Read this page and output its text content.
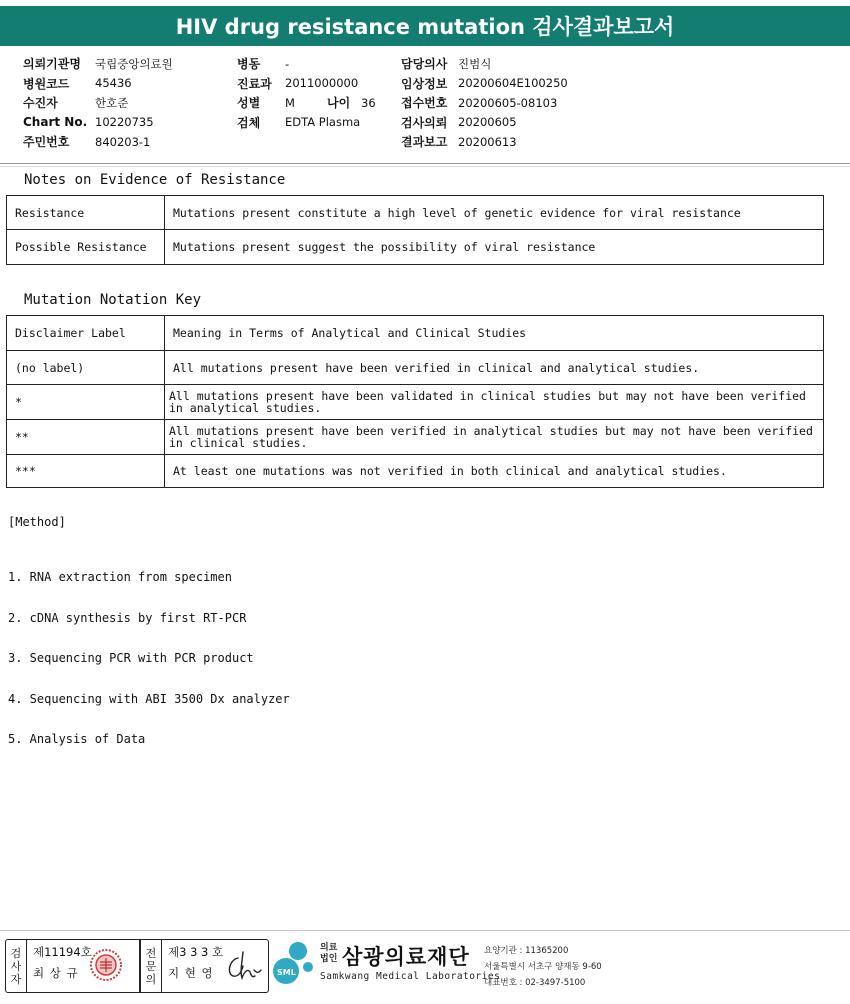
HIV drug resistance mutation 검사결과보고서
의뢰기관명	국립중앙의료원
병원코드	45436
수진자	한호준
Chart No. 10220735
주민번호	840203-1
병동	-
진료과	2011000000
성별	M	나이 36
검체	EDTA Plasma
담당의사 진범식
임상정보 20200604E100250
접수번호 20200605-08103
검사의뢰 20200605
결과보고 20200613
Notes on Evidence of Resistance
Resistance	Mutations present constitute a high level of genetic evidence for viral resistance
Possible Resistance	Mutations present suggest the possibility of viral resistance
Mutation Notation Key
Disclaimer Label	Meaning in Terms of Analytical and Clinical Studies
(no label)	All mutations present have been verified in clinical and analytical studies.
*	All mutations present have been validated in clinical studies but may not have been verified in analytical studies.
**	All mutations present have been verified in analytical studies but may not have been verified in clinical studies.
***	At least one mutations was not verified in both clinical and analytical studies.
[Method]

1. RNA extraction from specimen

2. cDNA synthesis by first RT-PCR

3. Sequencing PCR with PCR product

4. Sequencing with ABI 3500 Dx analyzer

5. Analysis of Data

검
사
자
제11194호
최 상 규
전
문
의
제3 3 3 호
지 현 영	SML
의료
법인 삼광의료재단
Samkwang Medical Laboratories
요양기관 : 11365200
서울특별시 서초구 양재동 9-60
대표번호 : 02-3497-5100
